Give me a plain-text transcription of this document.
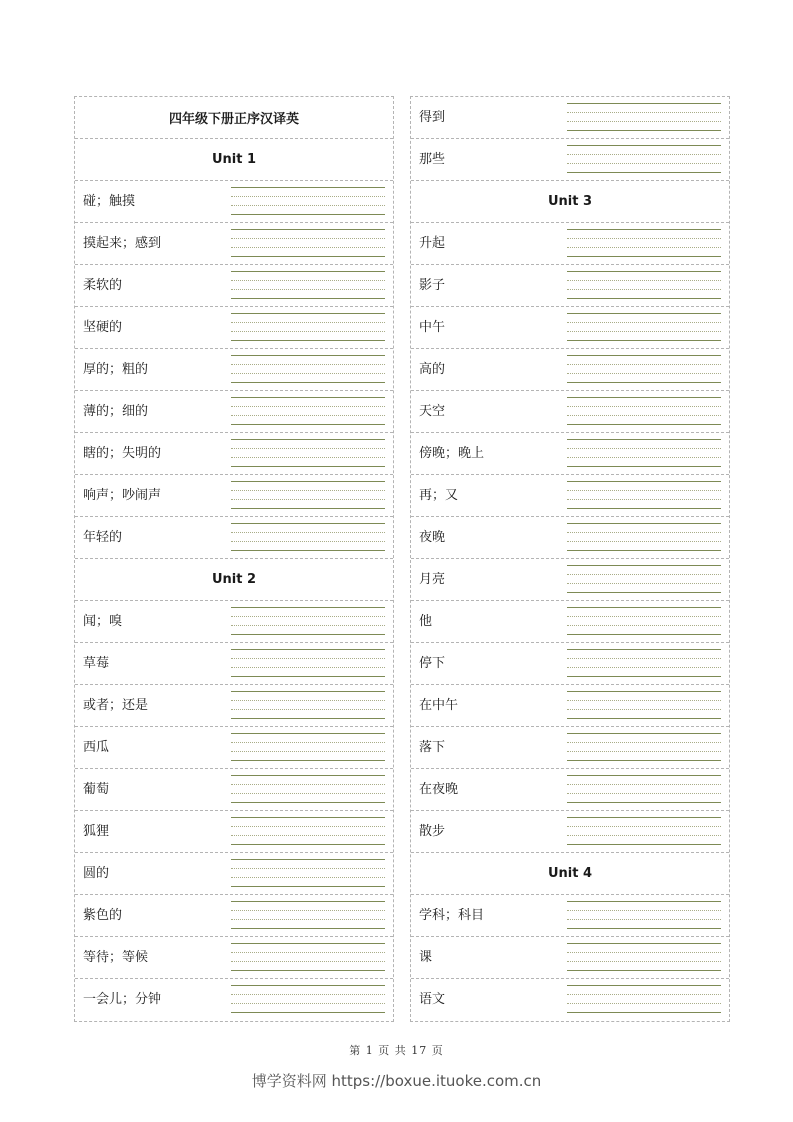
四年级下册正序汉译英
Unit 1
碰；触摸
摸起来；感到
柔软的
坚硬的
厚的；粗的
薄的；细的
瞎的；失明的
响声；吵闹声
年轻的
Unit 2
闻；嗅
草莓
或者；还是
西瓜
葡萄
狐狸
圆的
紫色的
等待；等候
一会儿；分钟
得到
那些
Unit 3
升起
影子
中午
高的
天空
傍晚；晚上
再；又
夜晚
月亮
他
停下
在中午
落下
在夜晚
散步
Unit 4
学科；科目
课
语文
第 1 页 共 17 页
博学资料网 https://boxue.ituoke.com.cn
